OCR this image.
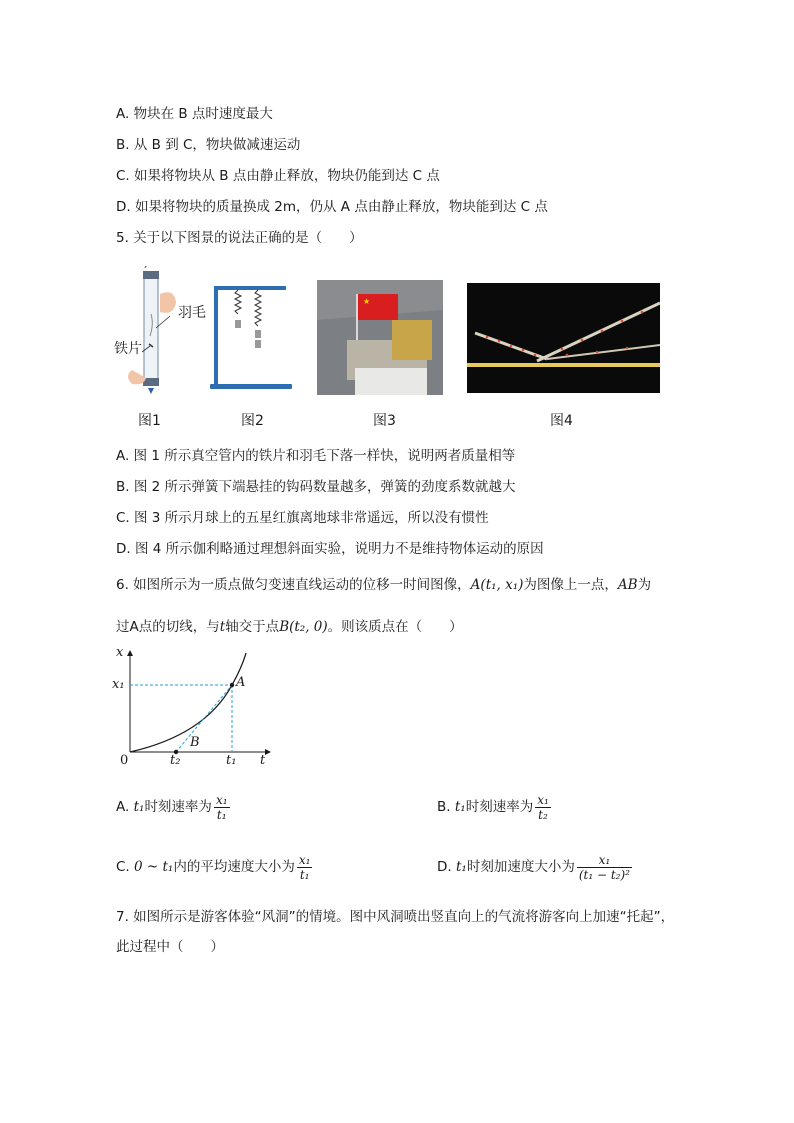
A. 物块在 B 点时速度最大
B. 从 B 到 C，物块做减速运动
C. 如果将物块从 B 点由静止释放，物块仍能到达 C 点
D. 如果将物块的质量换成 2m，仍从 A 点由静止释放，物块能到达 C 点
5. 关于以下图景的说法正确的是（　　）
羽毛
铁片
★
图1	图2	图3	图4
A. 图 1 所示真空管内的铁片和羽毛下落一样快，说明两者质量相等
B. 图 2 所示弹簧下端悬挂的钩码数量越多，弹簧的劲度系数就越大
C. 图 3 所示月球上的五星红旗离地球非常遥远，所以没有惯性
D. 图 4 所示伽利略通过理想斜面实验，说明力不是维持物体运动的原因
6. 如图所示为一质点做匀变速直线运动的位移一时间图像，A(t₁, x₁)为图像上一点，AB为
过A点的切线，与t轴交于点B(t₂, 0)。则该质点在（　　）
x
x₁	A
B
0	t₂	t₁ t
A. t₁时刻速率为 $\frac{\text{x₁}}{\text{t₁}}$	B. t₁时刻速率为 $\frac{\text{x₁}}{\text{t₂}}$
C. 0 ~ t₁内的平均速度大小为 $\frac{\text{x₁}}{\text{t₁}}$	D. t₁时刻加速度大小为 $\frac{\text{x₁}}{\text{(t₁ − t₂)²}}$
7. 如图所示是游客体验“风洞”的情境。图中风洞喷出竖直向上的气流将游客向上加速“托起”，
此过程中（　　）
